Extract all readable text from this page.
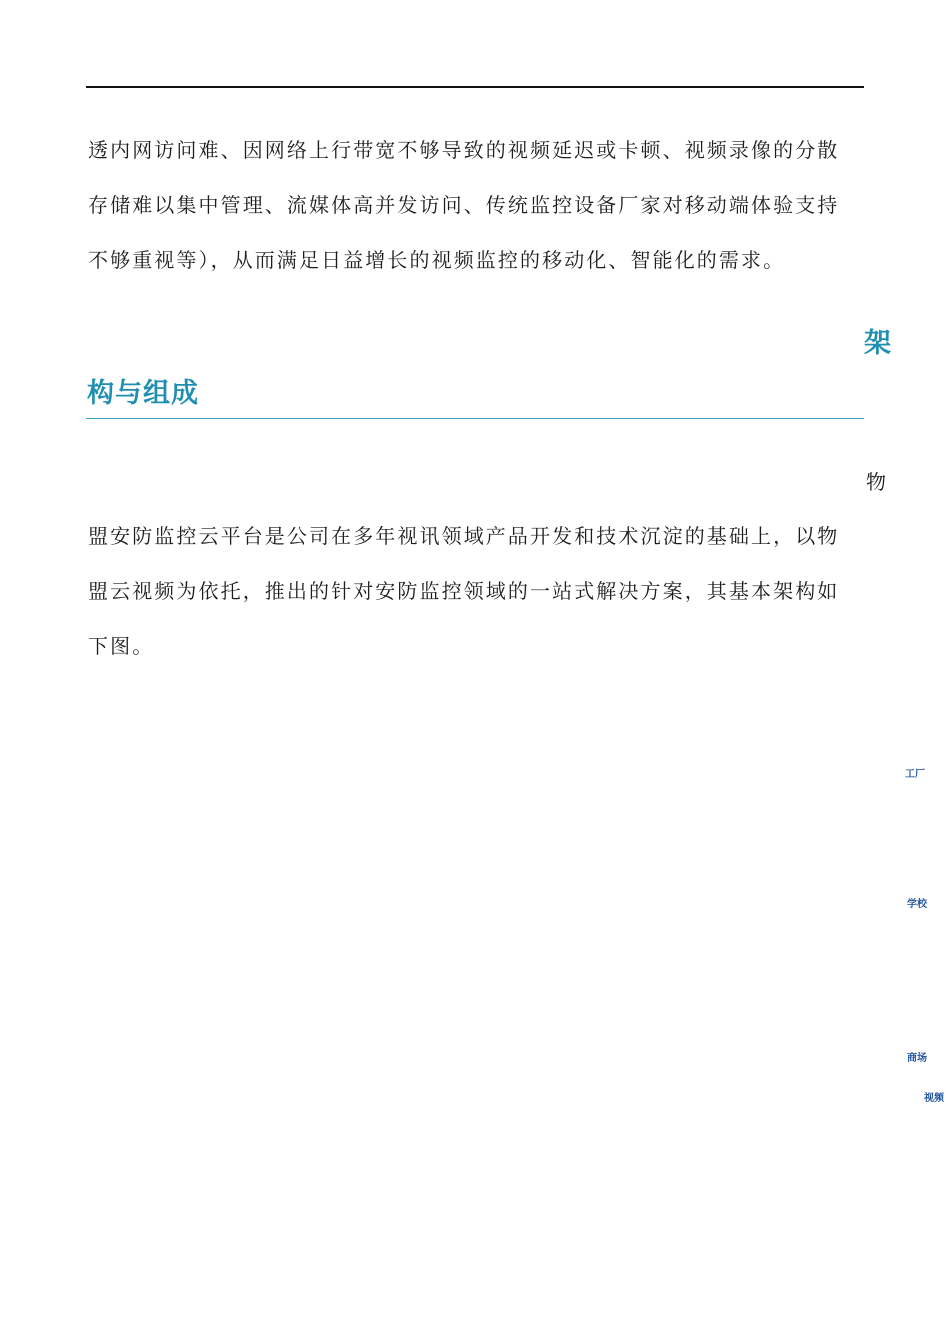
透内网访问难、因网络上行带宽不够导致的视频延迟或卡顿、视频录像的分散
存储难以集中管理、流媒体高并发访问、传统监控设备厂家对移动端体验支持
不够重视等），从而满足日益增长的视频监控的移动化、智能化的需求。
架
构与组成
物
盟安防监控云平台是公司在多年视讯领域产品开发和技术沉淀的基础上，以物
盟云视频为依托，推出的针对安防监控领域的一站式解决方案，其基本架构如
下图。
工厂
学校
商场
视频
